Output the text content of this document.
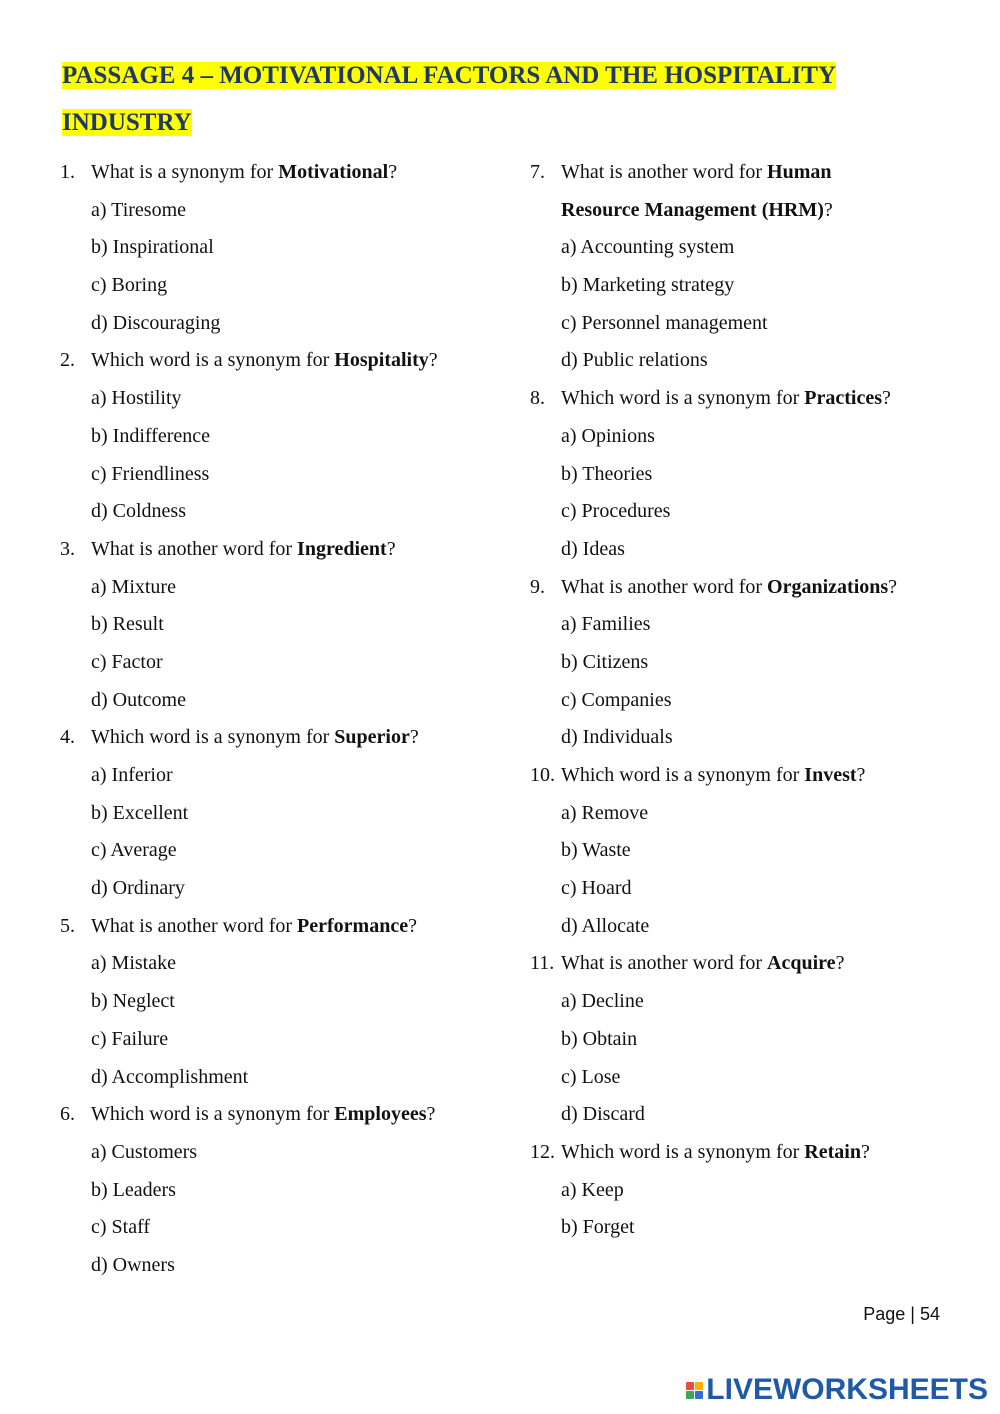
PASSAGE 4 – MOTIVATIONAL FACTORS AND THE HOSPITALITY
INDUSTRY
1. What is a synonym for Motivational?
a) Tiresome
b) Inspirational
c) Boring
d) Discouraging
2. Which word is a synonym for Hospitality?
a) Hostility
b) Indifference
c) Friendliness
d) Coldness
3. What is another word for Ingredient?
a) Mixture
b) Result
c) Factor
d) Outcome
4. Which word is a synonym for Superior?
a) Inferior
b) Excellent
c) Average
d) Ordinary
5. What is another word for Performance?
a) Mistake
b) Neglect
c) Failure
d) Accomplishment
6. Which word is a synonym for Employees?
a) Customers
b) Leaders
c) Staff
d) Owners
7. What is another word for Human
Resource Management (HRM)?
a) Accounting system
b) Marketing strategy
c) Personnel management
d) Public relations
8. Which word is a synonym for Practices?
a) Opinions
b) Theories
c) Procedures
d) Ideas
9. What is another word for Organizations?
a) Families
b) Citizens
c) Companies
d) Individuals
10. Which word is a synonym for Invest?
a) Remove
b) Waste
c) Hoard
d) Allocate
11. What is another word for Acquire?
a) Decline
b) Obtain
c) Lose
d) Discard
12. Which word is a synonym for Retain?
a) Keep
b) Forget
Page | 54
LIVEWORKSHEETS
